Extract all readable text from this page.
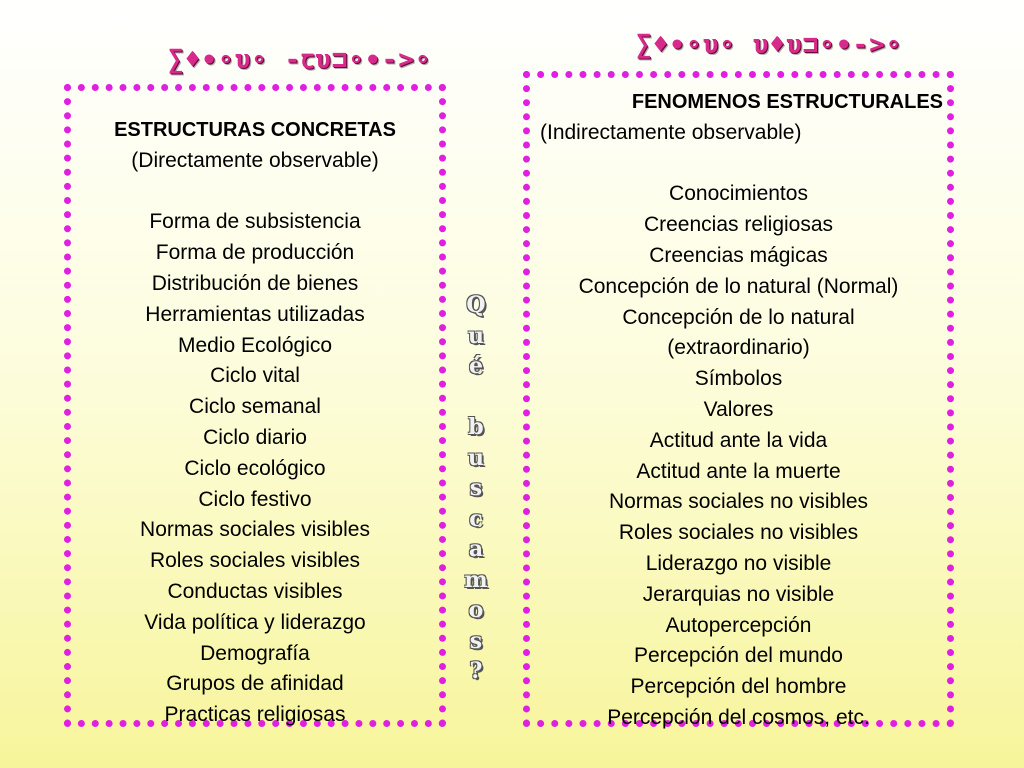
∑♦∙∘υ∘ -ꞇυ⊐∘∙->∘	∑♦∙∘υ∘ υ♦υ⊐∘∙->∘
ESTRUCTURAS CONCRETAS
(Directamente observable)
Forma de subsistencia
Forma de producción
Distribución de bienes
Herramientas utilizadas
Medio Ecológico
Ciclo vital
Ciclo semanal
Ciclo diario
Ciclo ecológico
Ciclo festivo
Normas sociales visibles
Roles sociales visibles
Conductas visibles
Vida política y liderazgo
Demografía
Grupos de afinidad
Practicas religiosas
FENOMENOS ESTRUCTURALES
(Indirectamente observable)
Conocimientos
Creencias religiosas
Creencias mágicas
Concepción de lo natural (Normal)
Concepción de lo natural
(extraordinario)
Símbolos
Valores
Actitud ante la vida
Actitud ante la muerte
Normas sociales no visibles
Roles sociales no visibles
Liderazgo no visible
Jerarquias no visible
Autopercepción
Percepción del mundo
Percepción del hombre
Percepción del cosmos, etc.
Q
u
é
b
u
s
c
a
m
o
s
?
